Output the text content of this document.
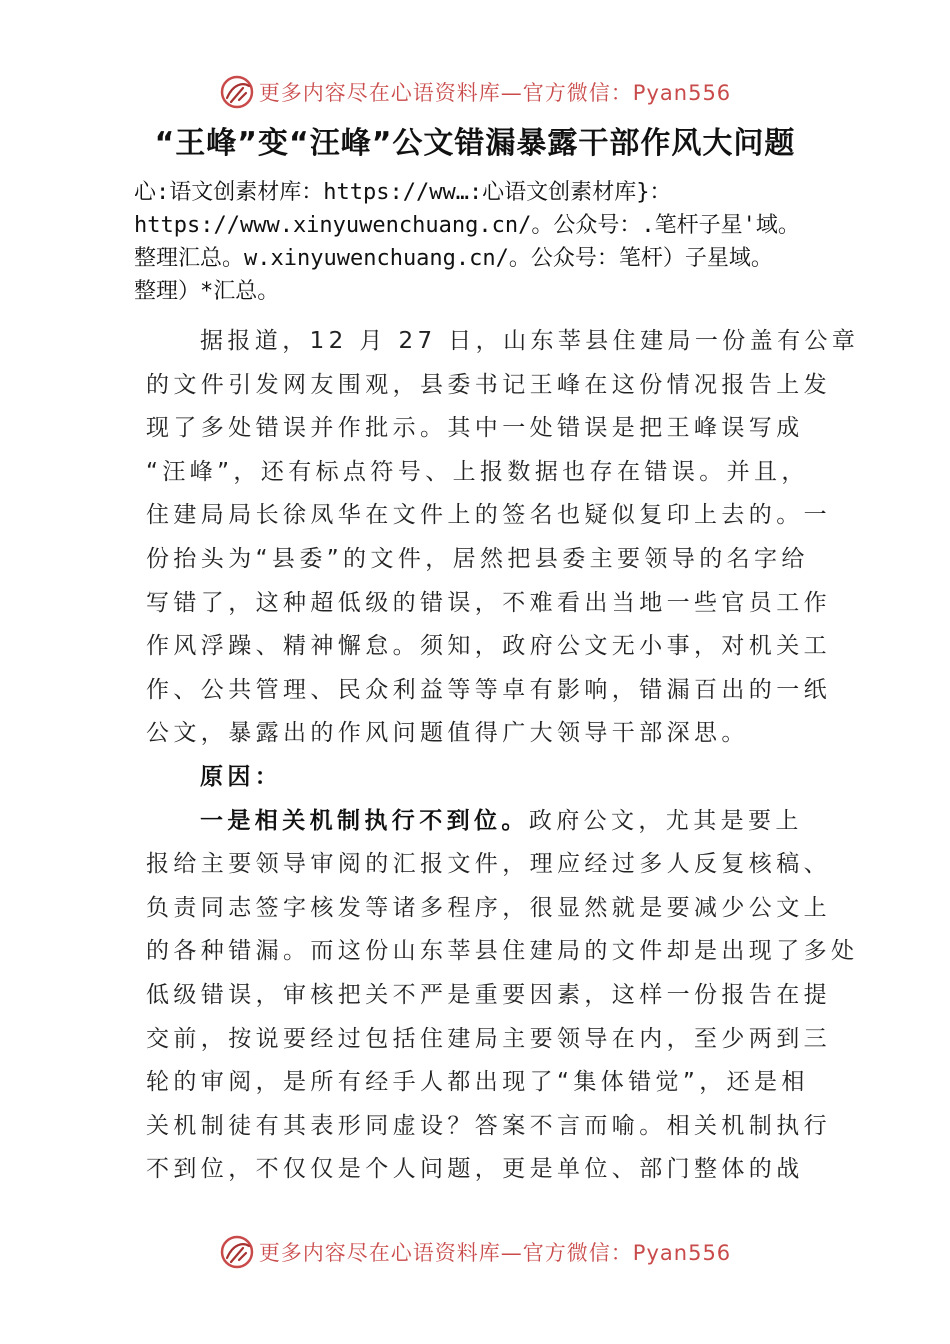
更多内容尽在心语资料库—官方微信：Pyan556
“王峰”变“汪峰”公文错漏暴露干部作风大问题
心:语文创素材库：https://ww…:心语文创素材库}：
https://www.xinyuwenchuang.cn/。公众号：.笔杆子星'域。
整理汇总。w.xinyuwenchuang.cn/。公众号：笔杆）子星域。
整理）*汇总。
据报道，12 月 27 日，山东莘县住建局一份盖有公章
的文件引发网友围观，县委书记王峰在这份情况报告上发
现了多处错误并作批示。其中一处错误是把王峰误写成
“汪峰”，还有标点符号、上报数据也存在错误。并且，
住建局局长徐凤华在文件上的签名也疑似复印上去的。一
份抬头为“县委”的文件，居然把县委主要领导的名字给
写错了，这种超低级的错误，不难看出当地一些官员工作
作风浮躁、精神懈怠。须知，政府公文无小事，对机关工
作、公共管理、民众利益等等卓有影响，错漏百出的一纸
公文，暴露出的作风问题值得广大领导干部深思。
原因：
一是相关机制执行不到位。政府公文，尤其是要上
报给主要领导审阅的汇报文件，理应经过多人反复核稿、
负责同志签字核发等诸多程序，很显然就是要减少公文上
的各种错漏。而这份山东莘县住建局的文件却是出现了多处
低级错误，审核把关不严是重要因素，这样一份报告在提
交前，按说要经过包括住建局主要领导在内，至少两到三
轮的审阅，是所有经手人都出现了“集体错觉”，还是相
关机制徒有其表形同虚设？答案不言而喻。相关机制执行
不到位，不仅仅是个人问题，更是单位、部门整体的战
更多内容尽在心语资料库—官方微信：Pyan556
